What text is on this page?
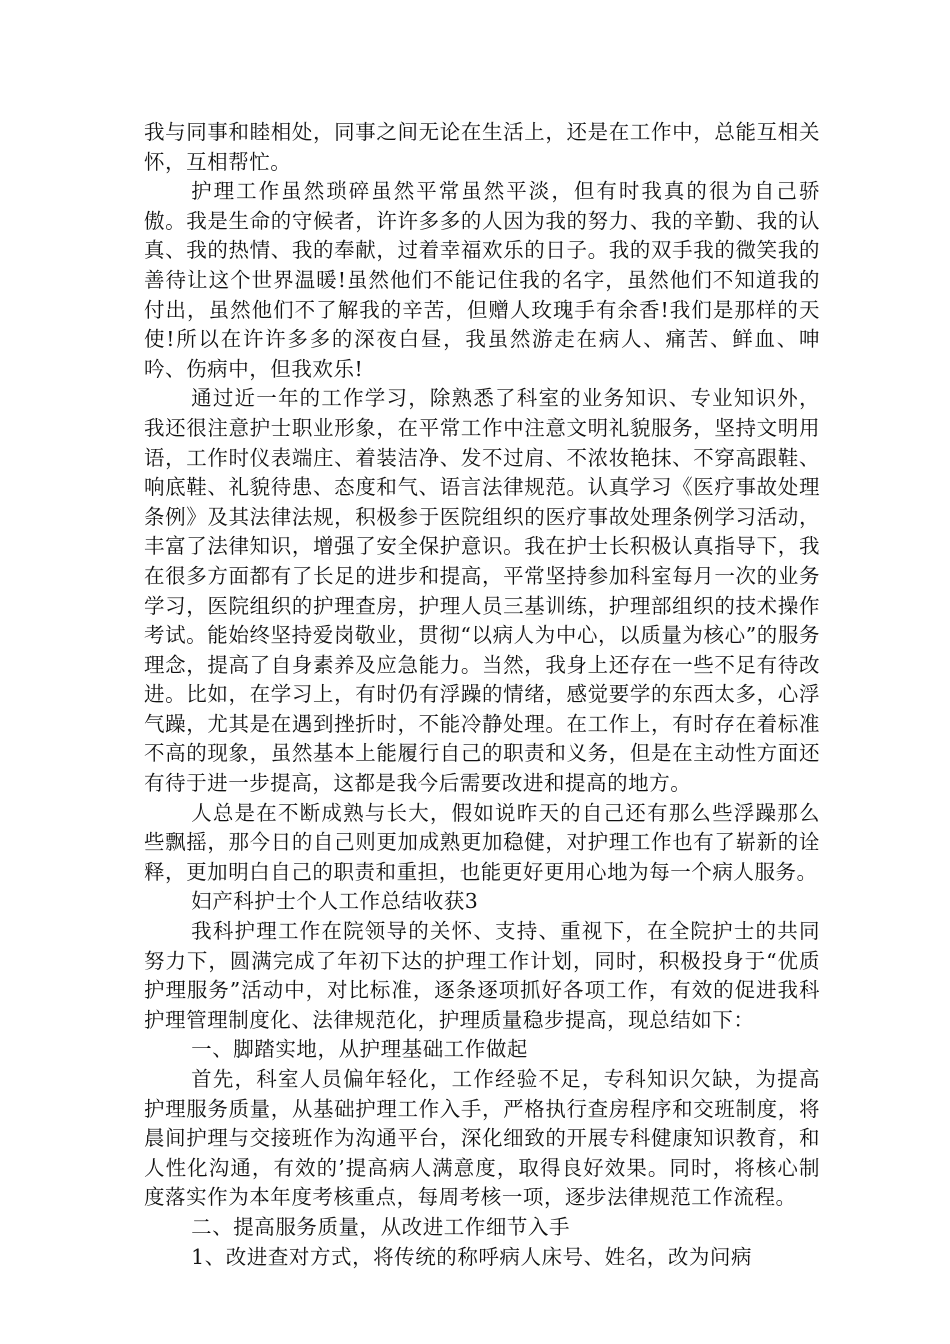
我与同事和睦相处，同事之间无论在生活上，还是在工作中，总能互相关怀，互相帮忙。

护理工作虽然琐碎虽然平常虽然平淡，但有时我真的很为自己骄傲。我是生命的守候者，许许多多的人因为我的努力、我的辛勤、我的认真、我的热情、我的奉献，过着幸福欢乐的日子。我的双手我的微笑我的善待让这个世界温暖!虽然他们不能记住我的名字，虽然他们不知道我的付出，虽然他们不了解我的辛苦，但赠人玫瑰手有余香!我们是那样的天使!所以在许许多多的深夜白昼，我虽然游走在病人、痛苦、鲜血、呻吟、伤病中，但我欢乐!

通过近一年的工作学习，除熟悉了科室的业务知识、专业知识外，我还很注意护士职业形象，在平常工作中注意文明礼貌服务，坚持文明用语，工作时仪表端庄、着装洁净、发不过肩、不浓妆艳抹、不穿高跟鞋、响底鞋、礼貌待患、态度和气、语言法律规范。认真学习《医疗事故处理条例》及其法律法规，积极参于医院组织的医疗事故处理条例学习活动，丰富了法律知识，增强了安全保护意识。我在护士长积极认真指导下，我在很多方面都有了长足的进步和提高，平常坚持参加科室每月一次的业务学习，医院组织的护理查房，护理人员三基训练，护理部组织的技术操作考试。能始终坚持爱岗敬业，贯彻“以病人为中心，以质量为核心”的服务理念，提高了自身素养及应急能力。当然，我身上还存在一些不足有待改进。比如，在学习上，有时仍有浮躁的情绪，感觉要学的东西太多，心浮气躁，尤其是在遇到挫折时，不能冷静处理。在工作上，有时存在着标准不高的现象，虽然基本上能履行自己的职责和义务，但是在主动性方面还有待于进一步提高，这都是我今后需要改进和提高的地方。

人总是在不断成熟与长大，假如说昨天的自己还有那么些浮躁那么些飘摇，那今日的自己则更加成熟更加稳健，对护理工作也有了崭新的诠释，更加明白自己的职责和重担，也能更好更用心地为每一个病人服务。

妇产科护士个人工作总结收获3

我科护理工作在院领导的关怀、支持、重视下，在全院护士的共同努力下，圆满完成了年初下达的护理工作计划，同时，积极投身于“优质护理服务”活动中，对比标准，逐条逐项抓好各项工作，有效的促进我科护理管理制度化、法律规范化，护理质量稳步提高，现总结如下：

一、脚踏实地，从护理基础工作做起

首先，科室人员偏年轻化，工作经验不足，专科知识欠缺，为提高护理服务质量，从基础护理工作入手，严格执行查房程序和交班制度，将晨间护理与交接班作为沟通平台，深化细致的开展专科健康知识教育，和人性化沟通，有效的’提高病人满意度，取得良好效果。同时，将核心制度落实作为本年度考核重点，每周考核一项，逐步法律规范工作流程。

二、提高服务质量，从改进工作细节入手

1、改进查对方式，将传统的称呼病人床号、姓名，改为问病
